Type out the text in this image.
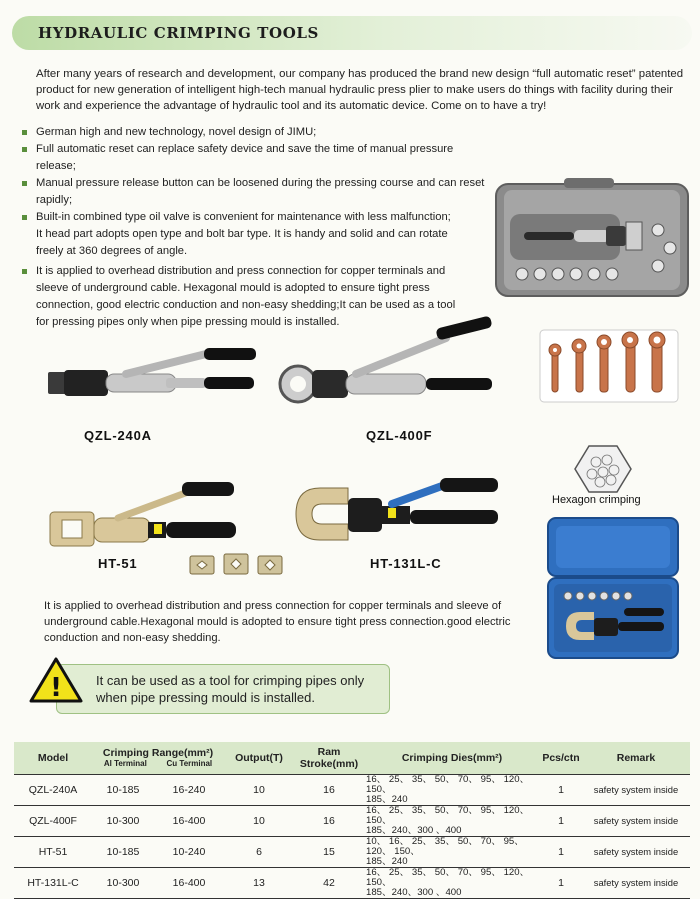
HYDRAULIC CRIMPING TOOLS

After many years of research and development, our company has produced the brand new design “full automatic reset” patented product for new generation of intelligent high-tech manual hydraulic press plier to make users do things with facility during their work and experience the advantage of hydraulic tool and its automatic device. Come on to have a try!

German high and new technology, novel design of JIMU;
Full automatic reset can replace safety device and save the time of manual pressure release;
Manual pressure release button can be loosened during the pressing course and can reset rapidly;
Built-in combined type oil valve is convenient for maintenance with less malfunction;
It head part adopts open type and bolt bar type. It is handy and solid and can rotate
freely at 360 degrees of angle.
It is applied to overhead distribution and press connection for copper terminals and
sleeve of underground cable. Hexagonal mould is adopted to ensure tight press
connection, good electric conduction and non-easy shedding;It can be used as a tool
for pressing pipes only when pipe pressing mould is installed.
QZL-240A	QZL-400F
Hexagon crimping
HT-51	HT-131L-C
It is applied to overhead distribution and press connection for copper terminals and sleeve of underground cable.Hexagonal mould is adopted to ensure tight press connection.good electric conduction and non-easy shedding.
!	It can be used as a tool for crimping pipes only when pipe pressing mould is installed.
Model	Crimping Range(mm²)
Al Terminal Cu Terminal		Output(T)	Ram Stroke(mm)	Crimping Dies(mm²)	Pcs/ctn	Remark
QZL-240A	10-185	16-240	10	16	16、 25、 35、 50、 70、 95、 120、 150、
185、240	1	safety system inside
QZL-400F	10-300	16-400	10	16	16、 25、 35、 50、 70、 95、 120、 150、
185、240、300 、400	1	safety system inside
HT-51	10-185	10-240	6	15	10、 16、 25、 35、 50、 70、 95、 120、 150、
185、240	1	safety system inside
HT-131L-C	10-300	16-400	13	42	16、 25、 35、 50、 70、 95、 120、 150、
185、240、300 、400	1	safety system inside
